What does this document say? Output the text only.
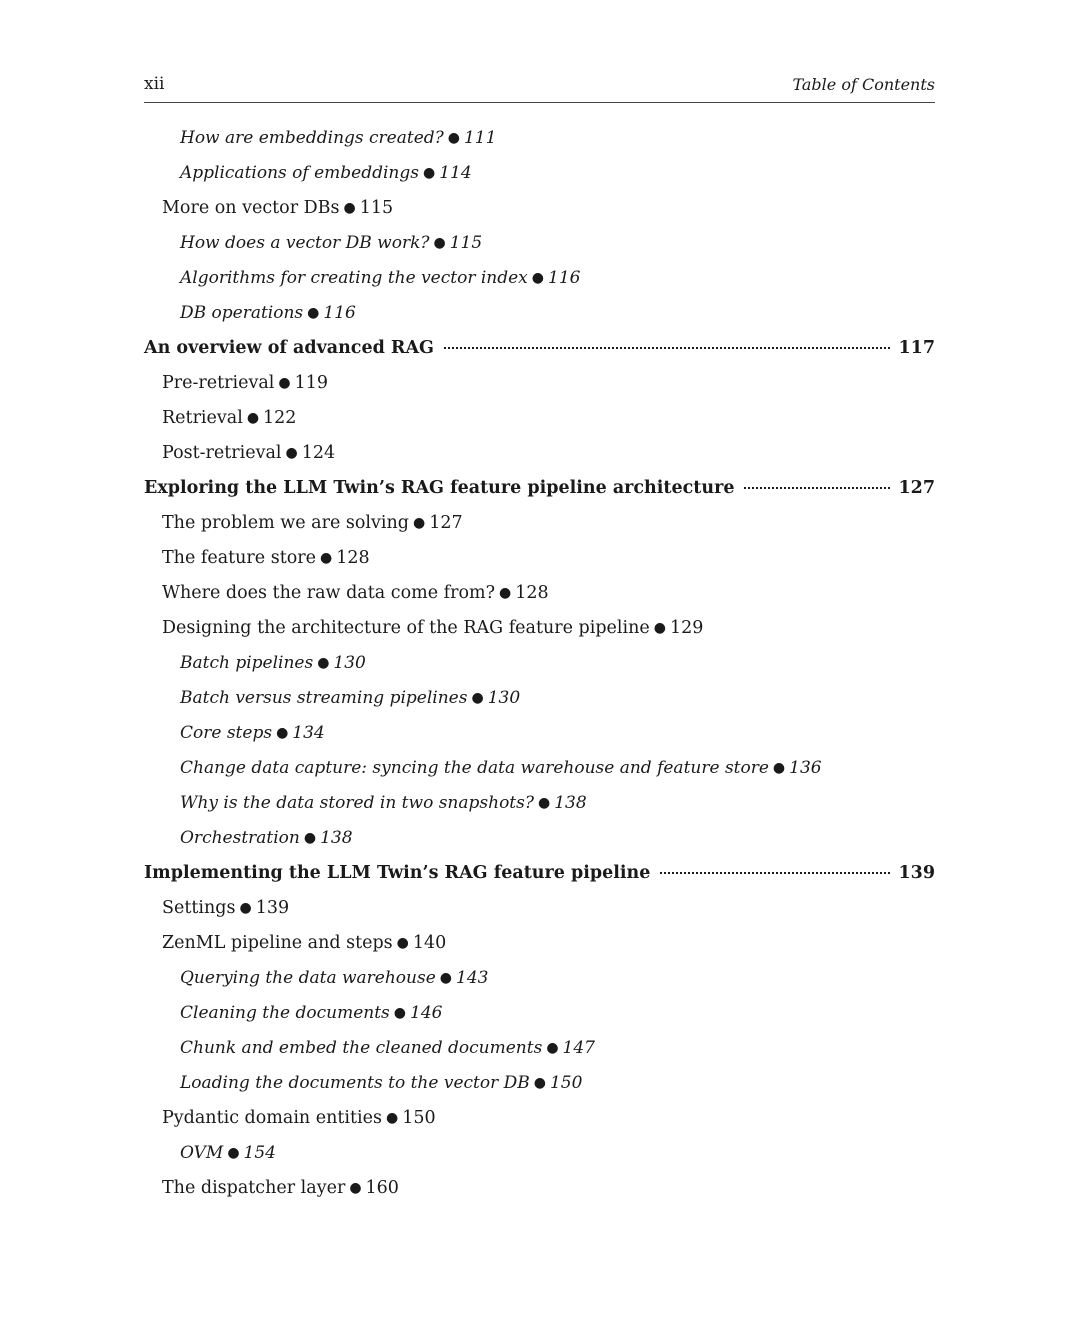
xii	Table of Contents
How are embeddings created? ● 111
Applications of embeddings ● 114
More on vector DBs ● 115
How does a vector DB work? ● 115
Algorithms for creating the vector index ● 116
DB operations ● 116
An overview of advanced RAG	117
Pre-retrieval ● 119
Retrieval ● 122
Post-retrieval ● 124
Exploring the LLM Twin’s RAG feature pipeline architecture	127
The problem we are solving ● 127
The feature store ● 128
Where does the raw data come from? ● 128
Designing the architecture of the RAG feature pipeline ● 129
Batch pipelines ● 130
Batch versus streaming pipelines ● 130
Core steps ● 134
Change data capture: syncing the data warehouse and feature store ● 136
Why is the data stored in two snapshots? ● 138
Orchestration ● 138
Implementing the LLM Twin’s RAG feature pipeline	139
Settings ● 139
ZenML pipeline and steps ● 140
Querying the data warehouse ● 143
Cleaning the documents ● 146
Chunk and embed the cleaned documents ● 147
Loading the documents to the vector DB ● 150
Pydantic domain entities ● 150
OVM ● 154
The dispatcher layer ● 160
